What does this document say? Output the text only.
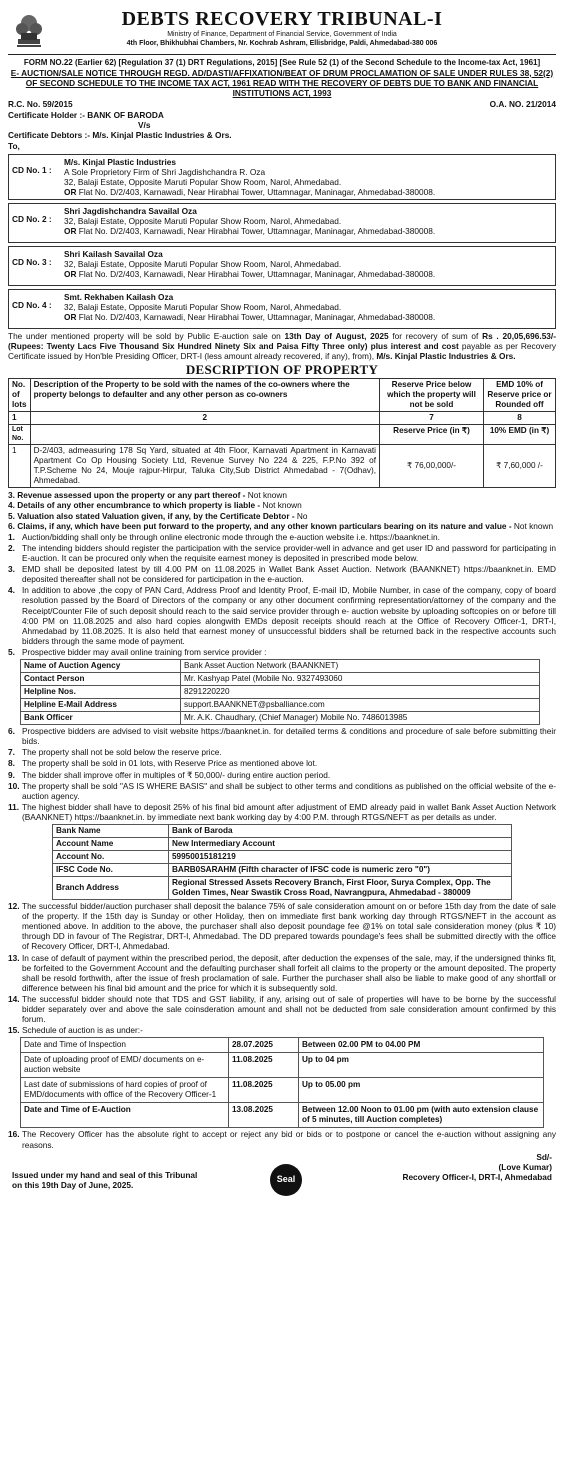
DEBTS RECOVERY TRIBUNAL-I
Ministry of Finance, Department of Financial Service, Government of India
4th Floor, Bhikhubhai Chambers, Nr. Kochrab Ashram, Ellisbridge, Paldi, Ahmedabad-380 006
FORM NO.22 (Earlier 62) [Regulation 37 (1) DRT Regulations, 2015] [See Rule 52 (1) of the Second Schedule to the Income-tax Act, 1961]
E- AUCTION/SALE NOTICE THROUGH REGD. AD/DASTI/AFFIXATION/BEAT OF DRUM PROCLAMATION OF SALE UNDER RULES 38, 52(2) OF SECOND SCHEDULE TO THE INCOME TAX ACT, 1961 READ WITH THE RECOVERY OF DEBTS DUE TO BANK AND FINANCIAL INSTITUTIONS ACT, 1993
R.C. No. 59/2015	O.A. NO. 21/2014
Certificate Holder :- BANK OF BARODA
V/s
Certificate Debtors :- M/s. Kinjal Plastic Industries & Ors.
To,
CD No. 1 :
M/s. Kinjal Plastic Industries
A Sole Proprietory Firm of Shri Jagdishchandra R. Oza
32, Balaji Estate, Opposite Maruti Popular Show Room, Narol, Ahmedabad.
OR Flat No. D/2/403, Karnawadi, Near Hirabhai Tower, Uttamnagar, Maninagar, Ahmedabad-380008.
CD No. 2 :
Shri Jagdishchandra Savailal Oza
32, Balaji Estate, Opposite Maruti Popular Show Room, Narol, Ahmedabad.
OR Flat No. D/2/403, Karnawadi, Near Hirabhai Tower, Uttamnagar, Maninagar, Ahmedabad-380008.
CD No. 3 :
Shri Kailash Savailal Oza
32, Balaji Estate, Opposite Maruti Popular Show Room, Narol, Ahmedabad.
OR Flat No. D/2/403, Karnawadi, Near Hirabhai Tower, Uttamnagar, Maninagar, Ahmedabad-380008.
CD No. 4 :
Smt. Rekhaben Kailash Oza
32, Balaji Estate, Opposite Maruti Popular Show Room, Narol, Ahmedabad.
OR Flat No. D/2/403, Karnawadi, Near Hirabhai Tower, Uttamnagar, Maninagar, Ahmedabad-380008.
The under mentioned property will be sold by Public E-auction sale on 13th Day of August, 2025 for recovery of sum of Rs . 20,05,696.53/- (Rupees: Twenty Lacs Five Thousand Six Hundred Ninety Six and Paisa Fifty Three only) plus interest and cost payable as per Recovery Certificate issued by Hon'ble Presiding Officer, DRT-I (less amount already recovered, if any), from), M/s. Kinjal Plastic Industries & Ors.
DESCRIPTION OF PROPERTY
No. of lots	Description of the Property to be sold with the names of the co-owners where the property belongs to defaulter and any other person as co-owners	Reserve Price below which the property will not be sold	EMD 10% of Reserve price or Rounded off
1	2	7	8
Lot No.		Reserve Price (in ₹)	10% EMD (in ₹)
1	D-2/403, admeasuring 178 Sq Yard, situated at 4th Floor, Karnavati Apartment in Karnavati Apartment Co Op Housing Society Ltd, Revenue Survey No 224 & 225, F.P.No 392 of T.P.Scheme No 24, Mouje rajpur-Hirpur, Taluka City,Sub District Ahmedabad - 7(Odhav), Ahmedabad.	₹ 76,00,000/-	₹ 7,60,000 /-
3. Revenue assessed upon the property or any part thereof - Not known
4. Details of any other encumbrance to which property is liable - Not known
5. Valuation also stated Valuation given, if any, by the Certificate Debtor - No
6. Claims, if any, which have been put forward to the property, and any other known particulars bearing on its nature and value - Not known
1. Auction/bidding shall only be through online electronic mode through the e-auction website i.e. https://baanknet.in.
2. The intending bidders should register the participation with the service provider-well in advance and get user ID and password for participating in E-auction. It can be procured only when the requisite earnest money is deposited in prescribed mode below.
3. EMD shall be deposited latest by till 4.00 PM on 11.08.2025 in Wallet Bank Asset Auction. Network (BAANKNET) https://baanknet.in. EMD deposited thereafter shall not be considered for participation in the e-auction.
4. In addition to above ,the copy of PAN Card, Address Proof and Identity Proof, E-mail ID, Mobile Number, in case of the company, copy of board resolution passed by the Board of Directors of the company or any other document confirming representation/attorney of the company and the Receipt/Counter File of such deposit should reach to the said service provider through e- auction website by uploading softcopies on or before till 4:00 PM on 11.08.2025 and also hard copies alongwith EMDs deposit receipts should reach at the Office of Recovery Officer-1, DRT-I, Ahmedabad by 11.08.2025. It is also held that earnest money of unsuccessful bidders shall be returned back in the respective accounts such bidders through the same mode of payment.
5. Prospective bidder may avail online training from service provider :
Name of Auction Agency	Bank Asset Auction Network (BAANKNET)
Contact Person	Mr. Kashyap Patel (Mobile No. 9327493060
Helpline Nos.	8291220220
Helpline E-Mail Address	support.BAANKNET@psballiance.com
Bank Officer	Mr. A.K. Chaudhary, (Chief Manager) Mobile No. 7486013985
6. Prospective bidders are advised to visit website https://baanknet.in. for detailed terms & conditions and procedure of sale before submitting their bids.
7. The property shall not be sold below the reserve price.
8. The property shall be sold in 01 lots, with Reserve Price as mentioned above lot.
9. The bidder shall improve offer in multiples of ₹ 50,000/- during entire auction period.
10. The property shall be sold "AS IS WHERE BASIS" and shall be subject to other terms and conditions as published on the official website of the e-auction agency.
11. The highest bidder shall have to deposit 25% of his final bid amount after adjustment of EMD already paid in wallet Bank Asset Auction Network (BAANKNET) https://baanknet.in. by immediate next bank working day by 4:00 P.M. through RTGS/NEFT as per details as under.
Bank Name	Bank of Baroda
Account Name	New Intermediary Account
Account No.	59950015181219
IFSC Code No.	BARB0SARAHM (Fifth character of IFSC code is numeric zero "0")
Branch Address	Regional Stressed Assets Recovery Branch, First Floor, Surya Complex, Opp. The Golden Times, Near Swastik Cross Road, Navrangpura, Ahmedabad - 380009
12. The successful bidder/auction purchaser shall deposit the balance 75% of sale consideration amount on or before 15th day from the date of sale of the property. If the 15th day is Sunday or other Holiday, then on immediate first bank working day through RTGS/NEFT in the account as mentioned above. In addition to the above, the purchaser shall also deposit poundage fee @1% on total sale consideration money (plus ₹ 10) through DD in favour of The Registrar, DRT-I, Ahmedabad. The DD prepared towards poundage's fees shall be submitted directly with the office of Recovery Officer, DRT-I, Ahmedabad.
13. In case of default of payment within the prescribed period, the deposit, after deduction the expenses of the sale, may, if the undersigned thinks fit, be forfeited to the Government Account and the defaulting purchaser shall forfeit all claims to the property or the amount deposited. The property shall be resold forthwith, after the issue of fresh proclamation of sale. Further the purchaser shall also be liable to make good of any shortfall or difference between his final bid amount and the price for which it is subsequently sold.
14. The successful bidder should note that TDS and GST liability, if any, arising out of sale of properties will have to be borne by the successful bidder separately over and above the sale coinsderation amount and shall not be deducted from sale consideration amount confirmed by this forum.
15. Schedule of auction is as under:-
Date and Time of Inspection	28.07.2025	Between 02.00 PM to 04.00 PM
Date of uploading proof of EMD/ documents on e-auction website	11.08.2025	Up to 04 pm
Last date of submissions of hard copies of proof of EMD/documents with office of the Recovery Officer-1	11.08.2025	Up to 05.00 pm
Date and Time of E-Auction	13.08.2025	Between 12.00 Noon to 01.00 pm (with auto extension clause of 5 minutes, till Auction completes)
16. The Recovery Officer has the absolute right to accept or reject any bid or bids or to postpone or cancel the e-auction without assigning any reasons.
Issued under my hand and seal of this Tribunal
on this 19th Day of June, 2025.
Seal
Sd/-
(Love Kumar)
Recovery Officer-I, DRT-I, Ahmedabad
